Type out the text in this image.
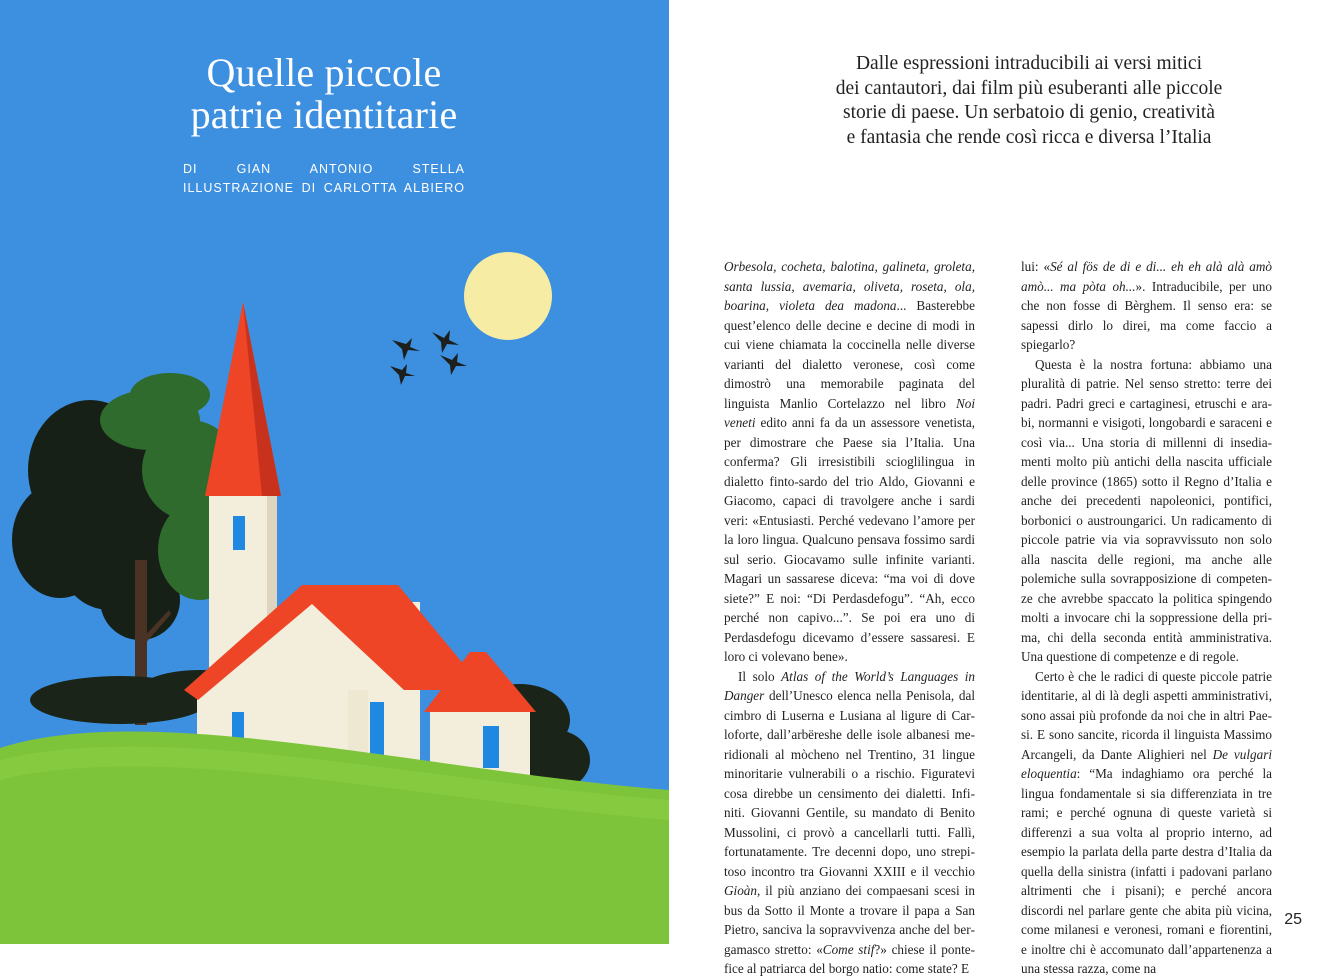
Quelle piccole
patrie identitarie
DI GIAN ANTONIO STELLA
ILLUSTRAZIONE DI CARLOTTA ALBIERO
Dalle espressioni intraducibili ai versi mitici
dei cantautori, dai film più esuberanti alle piccole
storie di paese. Un serbatoio di genio, creatività
e fantasia che rende così ricca e diversa l’Italia

Orbesola, cocheta, balotina, galineta, groleta, santa lussia, avemaria, oliveta, roseta, ola, boarina, violeta dea madona... Basterebbe quest’elenco delle decine e decine di modi in cui viene chiamata la coccinella nelle diverse varianti del dialetto veronese, così come dimostrò una memorabile paginata del linguista Manlio Cortelazzo nel libro Noi veneti edito anni fa da un assessore venetista, per dimostrare che Paese sia l’Italia. Una conferma? Gli irresistibili scioglilingua in dialetto finto-sardo del trio Aldo, Giovanni e Giacomo, capaci di travolgere anche i sardi veri: «Entusiasti. Perché vedevano l’amore per la loro lingua. Qualcuno pensava fossimo sardi sul serio. Giocavamo sulle infinite varianti. Magari un sassarese diceva: “ma voi di dove siete?” E noi: “Di Perdasdefogu”. “Ah, ecco perché non capivo...”. Se poi era uno di Perdasdefogu dicevamo d’essere sassaresi. E loro ci volevano bene».

Il solo Atlas of the World’s Languages in Danger dell’Unesco elenca nella Penisola, dal cimbro di Luserna e Lusiana al ligure di Carloforte, dall’arbëreshe delle isole albanesi meridionali al mòcheno nel Trentino, 31 lingue minoritarie vulnerabili o a rischio. Figuratevi cosa direbbe un censimento dei dialetti. Infiniti. Giovanni Gentile, su mandato di Benito Mussolini, ci provò a cancellarli tutti. Fallì, fortunatamente. Tre decenni dopo, uno strepitoso incontro tra Giovanni XXIII e il vecchio Gioàn, il più anziano dei compaesani scesi in bus da Sotto il Monte a trovare il papa a San Pietro, sanciva la sopravvivenza anche del bergamasco stretto: «Come stif?» chiese il pontefice al patriarca del borgo natio: come state? E

lui: «Sé al fös de di e di... eh eh alà alà amò amò... ma pòta oh...». Intraducibile, per uno che non fosse di Bèrghem. Il senso era: se sapessi dirlo lo direi, ma come faccio a spiegarlo?

Questa è la nostra fortuna: abbiamo una pluralità di patrie. Nel senso stretto: terre dei padri. Padri greci e cartaginesi, etruschi e arabi, normanni e visigoti, longobardi e saraceni e così via... Una storia di millenni di insediamenti molto più antichi della nascita ufficiale delle province (1865) sotto il Regno d’Italia e anche dei precedenti napoleonici, pontifici, borbonici o austroungarici. Un radicamento di piccole patrie via via sopravvissuto non solo alla nascita delle regioni, ma anche alle polemiche sulla sovrapposizione di competenze che avrebbe spaccato la politica spingendo molti a invocare chi la soppressione della prima, chi della seconda entità amministrativa. Una questione di competenze e di regole.

Certo è che le radici di queste piccole patrie identitarie, al di là degli aspetti amministrativi, sono assai più profonde da noi che in altri Paesi. E sono sancite, ricorda il linguista Massimo Arcangeli, da Dante Alighieri nel De vulgari eloquentia: “Ma indaghiamo ora perché la lingua fondamentale si sia differenziata in tre rami; e perché ognuna di queste varietà si differenzi a sua volta al proprio interno, ad esempio la parlata della parte destra d’Italia da quella della sinistra (infatti i padovani parlano altrimenti che i pisani); e perché ancora discordi nel parlare gente che abita più vicina, come milanesi e veronesi, romani e fiorentini, e inoltre chi è accomunato dall’appartenenza a una stessa razza, come na

25
